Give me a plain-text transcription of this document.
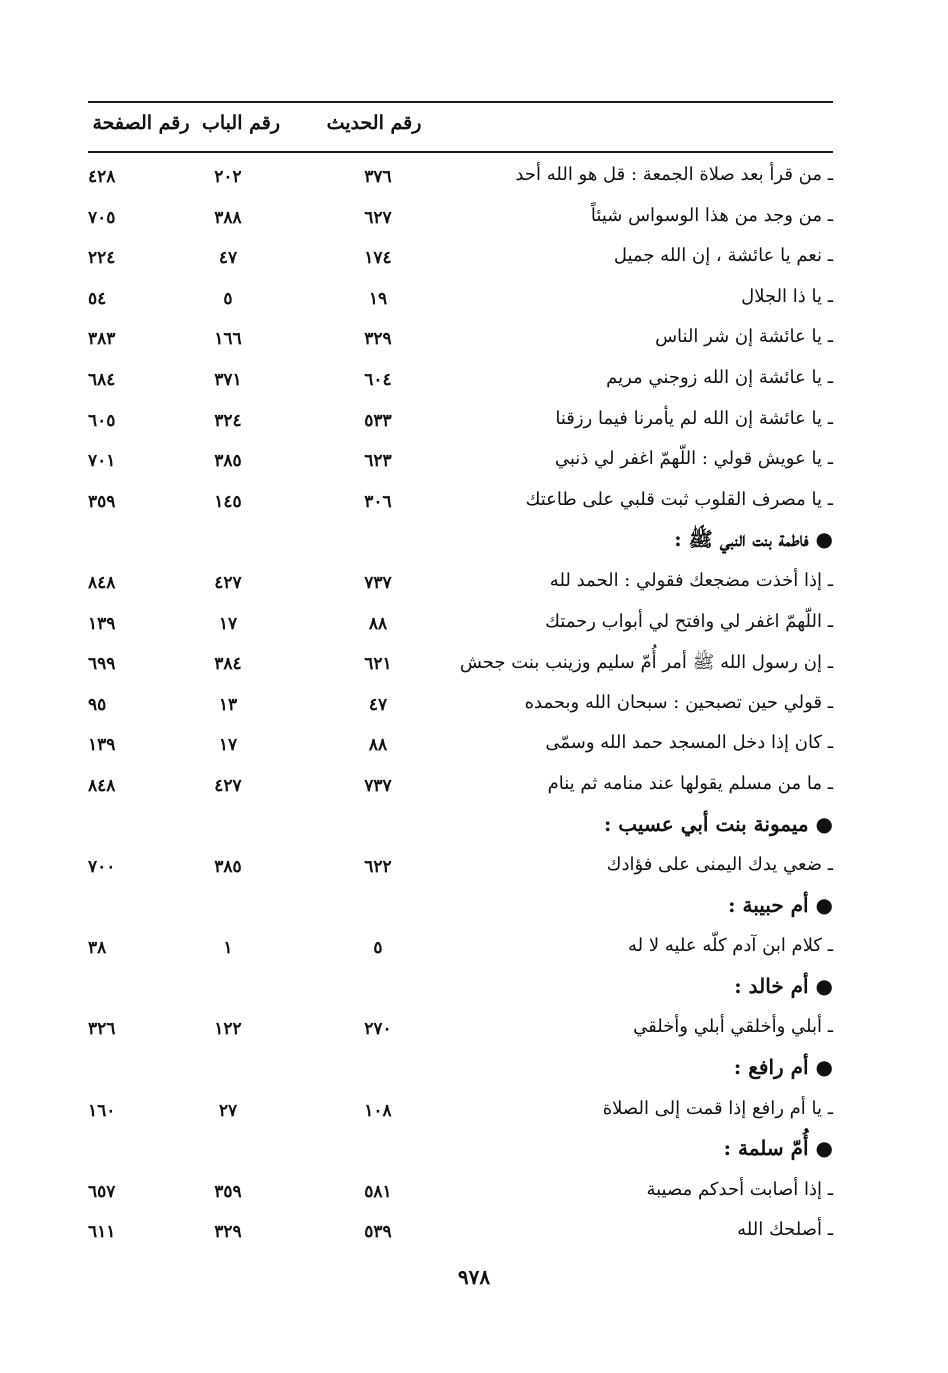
رقم الحديث
رقم الباب
رقم الصفحة
ـ من قرأ بعد صلاة الجمعة : قل هو الله أحد
٣٧٦
٢٠٢
٤٢٨
ـ من وجد من هذا الوسواس شيئاً
٦٢٧
٣٨٨
٧٠٥
ـ نعم يا عائشة ، إن الله جميل
١٧٤
٤٧
٢٢٤
ـ يا ذا الجلال
١٩
٥
٥٤
ـ يا عائشة إن شر الناس
٣٢٩
١٦٦
٣٨٣
ـ يا عائشة إن الله زوجني مريم
٦٠٤
٣٧١
٦٨٤
ـ يا عائشة إن الله لم يأمرنا فيما رزقنا
٥٣٣
٣٢٤
٦٠٥
ـ يا عويش قولي : اللّهمّ اغفر لي ذنبي
٦٢٣
٣٨٥
٧٠١
ـ يا مصرف القلوب ثبت قلبي على طاعتك
٣٠٦
١٤٥
٣٥٩
● فاطمة بنت النبي ﷺ :
ـ إذا أخذت مضجعك فقولي : الحمد لله
٧٣٧
٤٢٧
٨٤٨
ـ اللّهمّ اغفر لي وافتح لي أبواب رحمتك
٨٨
١٧
١٣٩
ـ إن رسول الله ﷺ أمر أُمّ سليم وزينب بنت جحش
٦٢١
٣٨٤
٦٩٩
ـ قولي حين تصبحين : سبحان الله وبحمده
٤٧
١٣
٩٥
ـ كان إذا دخل المسجد حمد الله وسمّى
٨٨
١٧
١٣٩
ـ ما من مسلم يقولها عند منامه ثم ينام
٧٣٧
٤٢٧
٨٤٨
● ميمونة بنت أبي عسيب :
ـ ضعي يدك اليمنى على فؤادك
٦٢٢
٣٨٥
٧٠٠
● أم حبيبة :
ـ كلام ابن آدم كلّه عليه لا له
٥
١
٣٨
● أم خالد :
ـ أبلي وأخلقي أبلي وأخلقي
٢٧٠
١٢٢
٣٢٦
● أم رافع :
ـ يا أم رافع إذا قمت إلى الصلاة
١٠٨
٢٧
١٦٠
● أُمّ سلمة :
ـ إذا أصابت أحدكم مصيبة
٥٨١
٣٥٩
٦٥٧
ـ أصلحك الله
٥٣٩
٣٢٩
٦١١
٩٧٨
